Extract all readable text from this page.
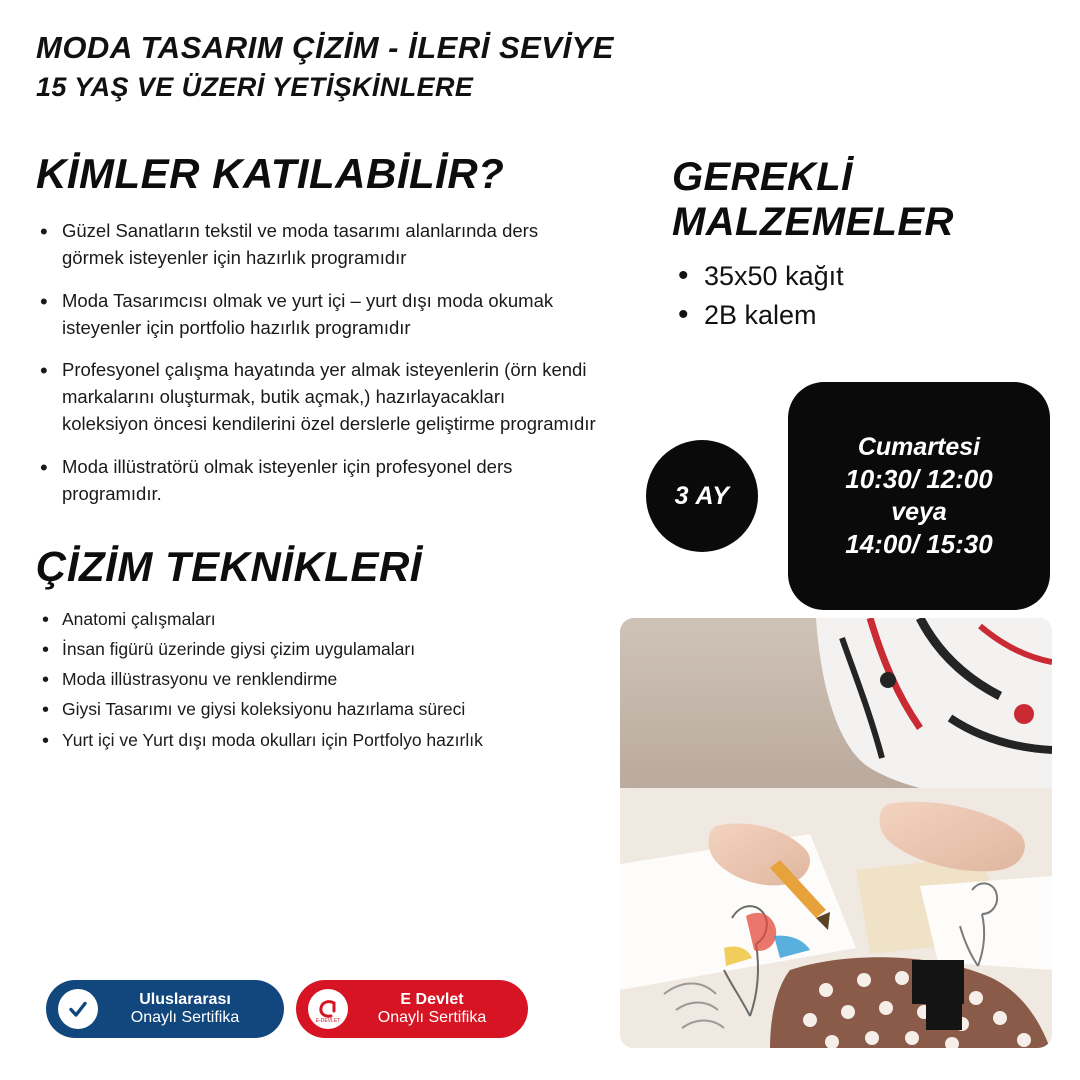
MODA TASARIM ÇİZİM - İLERİ SEVİYE
15 YAŞ VE ÜZERİ YETİŞKİNLERE
KİMLER KATILABİLİR?
• Güzel Sanatların tekstil ve moda tasarımı alanlarında ders görmek isteyenler için hazırlık programıdır
• Moda Tasarımcısı olmak ve yurt içi – yurt dışı moda okumak isteyenler için portfolio hazırlık programıdır
• Profesyonel çalışma hayatında yer almak isteyenlerin (örn kendi markalarını oluşturmak, butik açmak,) hazırlayacakları koleksiyon öncesi kendilerini özel derslerle geliştirme programıdır
• Moda illüstratörü olmak isteyenler için profesyonel ders programıdır.
ÇİZİM TEKNİKLERİ
• Anatomi çalışmaları
• İnsan figürü üzerinde giysi çizim uygulamaları
• Moda illüstrasyonu ve renklendirme
• Giysi Tasarımı ve giysi koleksiyonu hazırlama süreci
• Yurt içi ve Yurt dışı moda okulları için Portfolyo hazırlık
GEREKLİ MALZEMELER
• 35x50 kağıt
• 2B kalem
3 AY
Cumartesi
10:30/ 12:00
veya
14:00/ 15:30
Uluslararası
Onaylı Sertifika	E-DEVLET
E Devlet
Onaylı Sertifika
